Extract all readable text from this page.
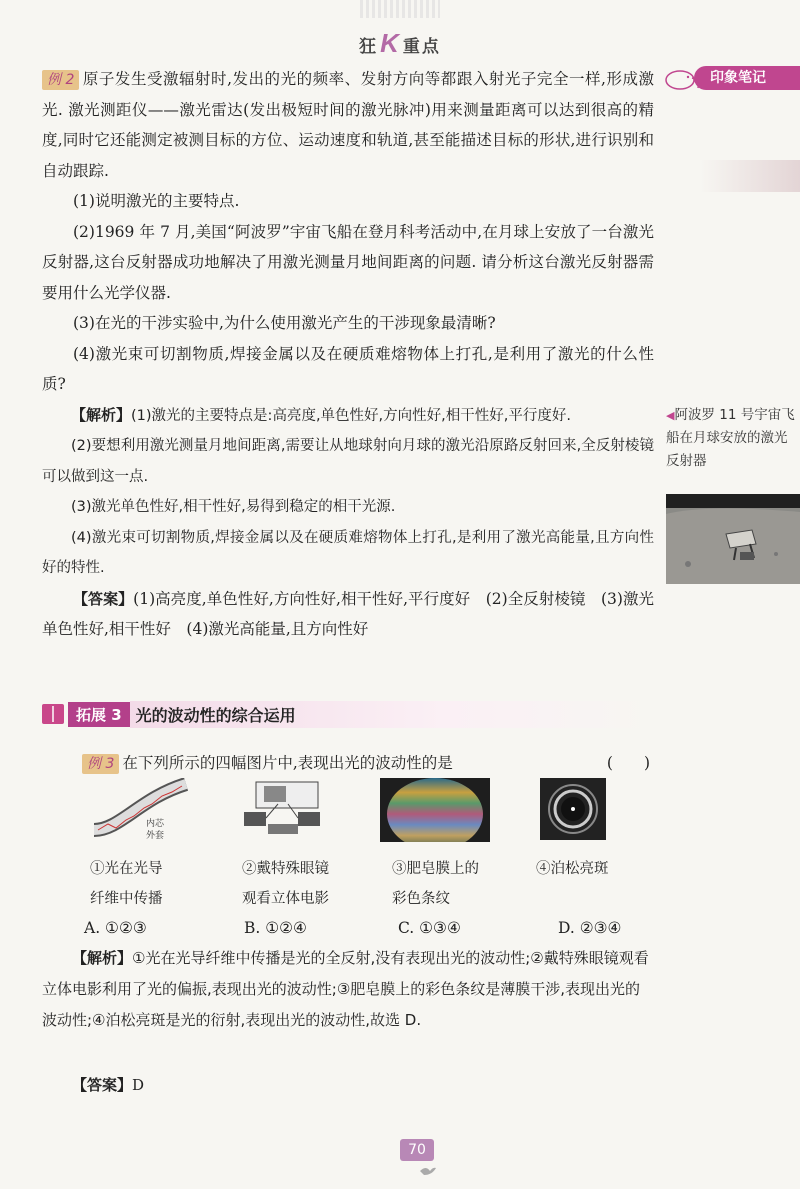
狂K 重点

例 2 原子发生受激辐射时,发出的光的频率、发射方向等都跟入射光子完全一样,形成激光. 激光测距仪——激光雷达(发出极短时间的激光脉冲)用来测量距离可以达到很高的精度,同时它还能测定被测目标的方位、运动速度和轨道,甚至能描述目标的形状,进行识别和自动跟踪.

(1)说明激光的主要特点.

(2)1969 年 7 月,美国“阿波罗”宇宙飞船在登月科考活动中,在月球上安放了一台激光反射器,这台反射器成功地解决了用激光测量月地间距离的问题. 请分析这台激光反射器需要用什么光学仪器.

(3)在光的干涉实验中,为什么使用激光产生的干涉现象最清晰?

(4)激光束可切割物质,焊接金属以及在硬质难熔物体上打孔,是利用了激光的什么性质?

【解析】(1)激光的主要特点是:高亮度,单色性好,方向性好,相干性好,平行度好.

(2)要想利用激光测量月地间距离,需要让从地球射向月球的激光沿原路反射回来,全反射棱镜可以做到这一点.

(3)激光单色性好,相干性好,易得到稳定的相干光源.

(4)激光束可切割物质,焊接金属以及在硬质难熔物体上打孔,是利用了激光高能量,且方向性好的特性.

【答案】(1)高亮度,单色性好,方向性好,相干性好,平行度好　(2)全反射棱镜　(3)激光单色性好,相干性好　(4)激光高能量,且方向性好

拓展 3 光的波动性的综合运用
例 3 在下列所示的四幅图片中,表现出光的波动性的是	(　　)
内芯
外套
①光在光导
纤维中传播
②戴特殊眼镜
观看立体电影
③肥皂膜上的
彩色条纹
④泊松亮斑
A. ①②③	B. ①②④	C. ①③④	D. ②③④
【解析】①光在光导纤维中传播是光的全反射,没有表现出光的波动性;②戴特殊眼镜观看立体电影利用了光的偏振,表现出光的波动性;③肥皂膜上的彩色条纹是薄膜干涉,表现出光的波动性;④泊松亮斑是光的衍射,表现出光的波动性,故选 D.
【答案】D
印象笔记
◀阿波罗 11 号宇宙飞船在月球安放的激光反射器
70
